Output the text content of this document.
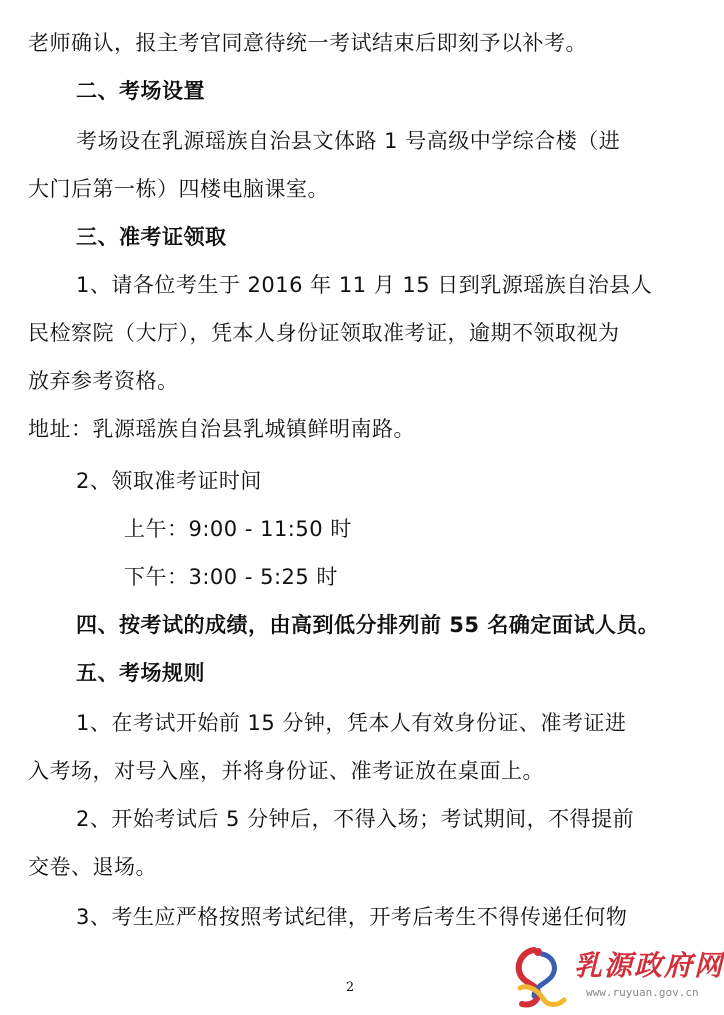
老师确认，报主考官同意待统一考试结束后即刻予以补考。
二、考场设置
考场设在乳源瑶族自治县文体路 1 号高级中学综合楼（进
大门后第一栋）四楼电脑课室。
三、准考证领取
1、请各位考生于 2016 年 11 月 15 日到乳源瑶族自治县人
民检察院（大厅），凭本人身份证领取准考证，逾期不领取视为
放弃参考资格。
地址：乳源瑶族自治县乳城镇鲜明南路。
2、领取准考证时间
上午：9:00 - 11:50 时
下午：3:00 - 5:25 时
四、按考试的成绩，由高到低分排列前 55 名确定面试人员。
五、考场规则
1、在考试开始前 15 分钟，凭本人有效身份证、准考证进
入考场，对号入座，并将身份证、准考证放在桌面上。
2、开始考试后 5 分钟后，不得入场；考试期间，不得提前
交卷、退场。
3、考生应严格按照考试纪律，开考后考生不得传递任何物
2
乳源政府网
www.ruyuan.gov.cn
